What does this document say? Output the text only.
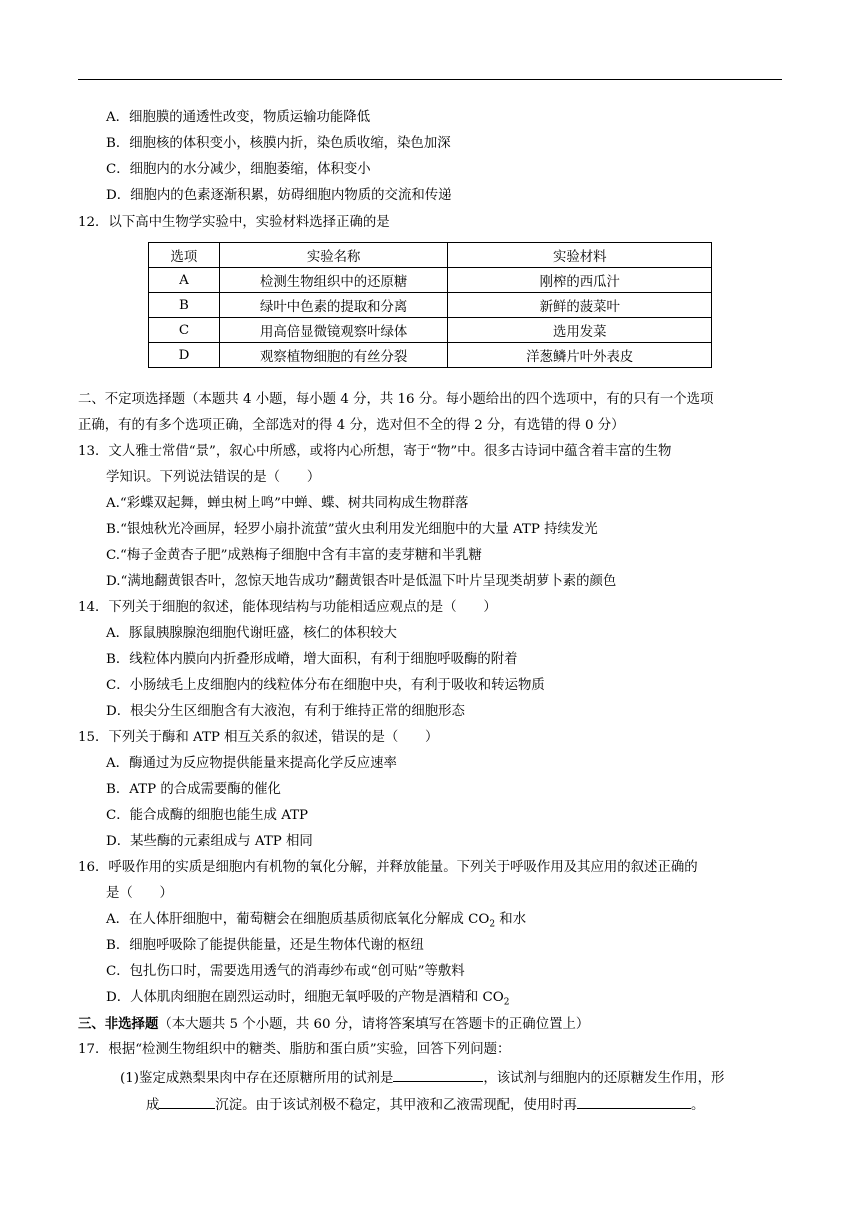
A．细胞膜的通透性改变，物质运输功能降低
B．细胞核的体积变小，核膜内折，染色质收缩，染色加深
C．细胞内的水分减少，细胞萎缩，体积变小
D．细胞内的色素逐渐积累，妨碍细胞内物质的交流和传递
12．以下高中生物学实验中，实验材料选择正确的是
选项	实验名称	实验材料
A	检测生物组织中的还原糖	刚榨的西瓜汁
B	绿叶中色素的提取和分离	新鲜的菠菜叶
C	用高倍显微镜观察叶绿体	选用发菜
D	观察植物细胞的有丝分裂	洋葱鳞片叶外表皮
二、不定项选择题（本题共 4 小题，每小题 4 分，共 16 分。每小题给出的四个选项中，有的只有一个选项
正确，有的有多个选项正确，全部选对的得 4 分，选对但不全的得 2 分，有选错的得 0 分）
13．文人雅士常借“景”，叙心中所感，或将内心所想，寄于“物”中。很多古诗词中蕴含着丰富的生物
学知识。下列说法错误的是（　　）
A.“彩蝶双起舞，蝉虫树上鸣”中蝉、蝶、树共同构成生物群落
B.“银烛秋光冷画屏，轻罗小扇扑流萤”萤火虫利用发光细胞中的大量 ATP 持续发光
C.“梅子金黄杏子肥”成熟梅子细胞中含有丰富的麦芽糖和半乳糖
D.“满地翻黄银杏叶，忽惊天地告成功”翻黄银杏叶是低温下叶片呈现类胡萝卜素的颜色
14．下列关于细胞的叙述，能体现结构与功能相适应观点的是（　　）
A．豚鼠胰腺腺泡细胞代谢旺盛，核仁的体积较大
B．线粒体内膜向内折叠形成嵴，增大面积，有利于细胞呼吸酶的附着
C．小肠绒毛上皮细胞内的线粒体分布在细胞中央，有利于吸收和转运物质
D．根尖分生区细胞含有大液泡，有利于维持正常的细胞形态
15．下列关于酶和 ATP 相互关系的叙述，错误的是（　　）
A．酶通过为反应物提供能量来提高化学反应速率
B．ATP 的合成需要酶的催化
C．能合成酶的细胞也能生成 ATP
D．某些酶的元素组成与 ATP 相同
16．呼吸作用的实质是细胞内有机物的氧化分解，并释放能量。下列关于呼吸作用及其应用的叙述正确的
是（　　）
A．在人体肝细胞中，葡萄糖会在细胞质基质彻底氧化分解成 $CO_2$ 和水
B．细胞呼吸除了能提供能量，还是生物体代谢的枢纽
C．包扎伤口时，需要选用透气的消毒纱布或“创可贴”等敷料
D．人体肌肉细胞在剧烈运动时，细胞无氧呼吸的产物是酒精和 $CO_2$
三、非选择题（本大题共 5 个小题，共 60 分，请将答案填写在答题卡的正确位置上）
17．根据“检测生物组织中的糖类、脂肪和蛋白质”实验，回答下列问题：
(1)鉴定成熟梨果肉中存在还原糖所用的试剂是	，该试剂与细胞内的还原糖发生作用，形
成	沉淀。由于该试剂极不稳定，其甲液和乙液需现配，使用时再	。
